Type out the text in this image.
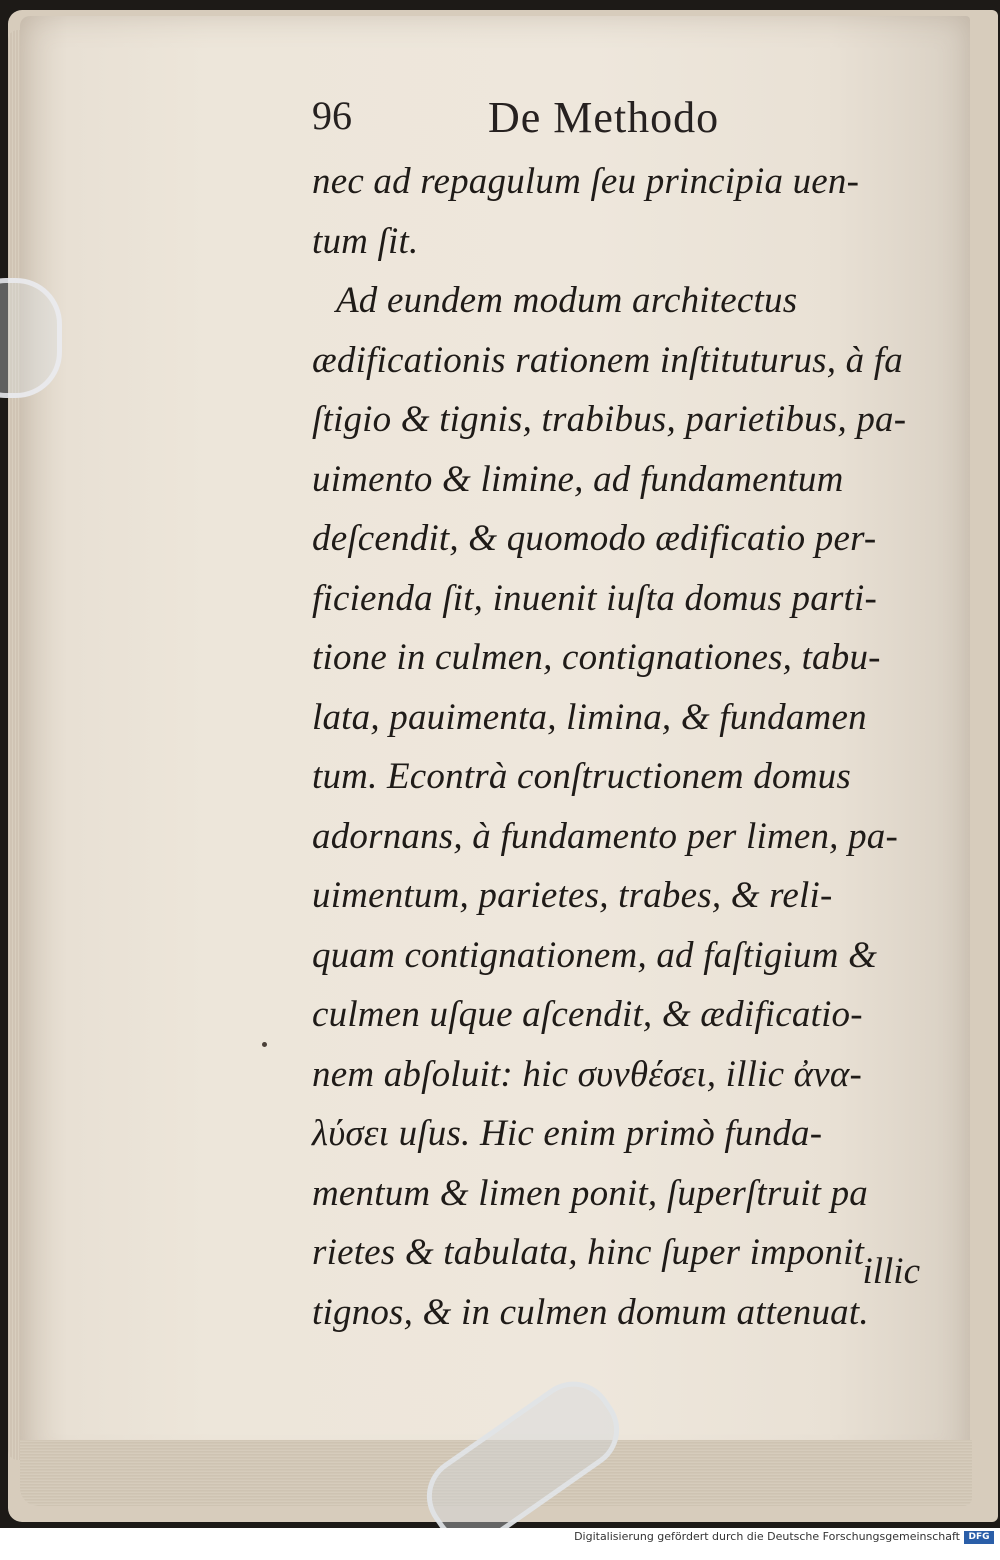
96	De Methodo
nec ad repagulum ſeu principia uen-
tum ſit.
Ad eundem modum architectus
ædificationis rationem inſtituturus, à fa
ſtigio & tignis, trabibus, parietibus, pa-
uimento & limine, ad fundamentum
deſcendit, & quomodo ædificatio per-
ficienda ſit, inuenit iuſta domus parti-
tione in culmen, contignationes, tabu-
lata, pauimenta, limina, & fundamen
tum. Econtrà conſtructionem domus
adornans, à fundamento per limen, pa-
uimentum, parietes, trabes, & reli-
quam contignationem, ad faſtigium &
culmen uſque aſcendit, & ædificatio-
nem abſoluit: hic συνθέσει, illic ἀνα-
λύσει uſus. Hic enim primò funda-
mentum & limen ponit, ſuperſtruit pa
rietes & tabulata, hinc ſuper imponit
tignos, & in culmen domum attenuat.
illic
Digitalisierung gefördert durch die Deutsche Forschungsgemeinschaft DFG
